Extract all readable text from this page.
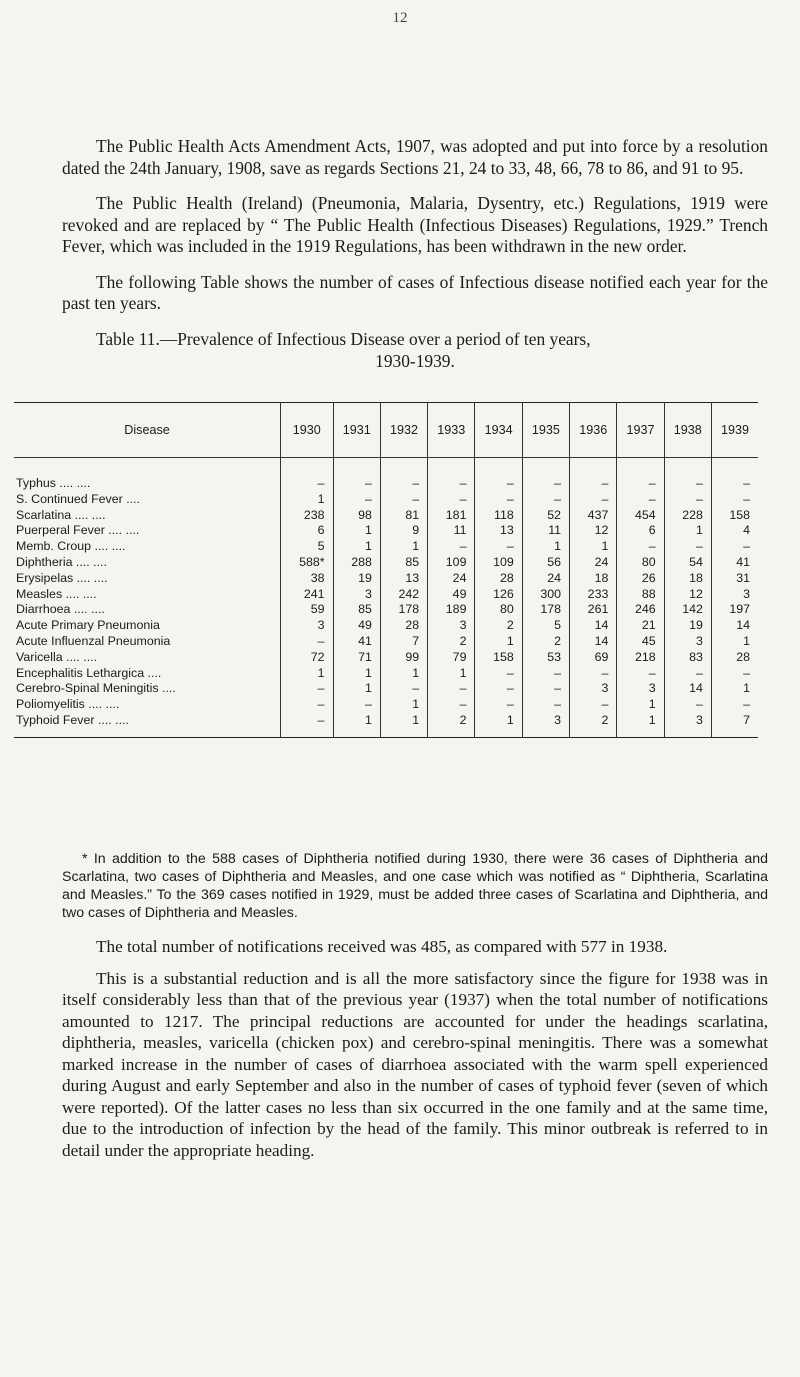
12

The Public Health Acts Amendment Acts, 1907, was adopted and put into force by a resolution dated the 24th January, 1908, save as regards Sections 21, 24 to 33, 48, 66, 78 to 86, and 91 to 95.

The Public Health (Ireland) (Pneumonia, Malaria, Dysentry, etc.) Regulations, 1919 were revoked and are replaced by “ The Public Health (Infectious Diseases) Regulations, 1929.” Trench Fever, which was included in the 1919 Regulations, has been withdrawn in the new order.

The following Table shows the number of cases of Infectious disease notified each year for the past ten years.

Table 11.—Prevalence of Infectious Disease over a period of ten years,
1930-1939.
Disease	1930	1931	1932	1933	1934	1935	1936	1937	1938	1939

Typhus .... ....	–	–	–	–	–	–	–	–	–	–
S. Continued Fever ....	1	–	–	–	–	–	–	–	–	–
Scarlatina .... ....	238	98	81	181	118	52	437	454	228	158
Puerperal Fever .... ....	6	1	9	11	13	11	12	6	1	4
Memb. Croup .... ....	5	1	1	–	–	1	1	–	–	–
Diphtheria .... ....	588*	288	85	109	109	56	24	80	54	41
Erysipelas .... ....	38	19	13	24	28	24	18	26	18	31
Measles .... ....	241	3	242	49	126	300	233	88	12	3
Diarrhoea .... ....	59	85	178	189	80	178	261	246	142	197
Acute Primary Pneumonia	3	49	28	3	2	5	14	21	19	14
Acute Influenzal Pneumonia	–	41	7	2	1	2	14	45	3	1
Varicella .... ....	72	71	99	79	158	53	69	218	83	28
Encephalitis Lethargica ....	1	1	1	1	–	–	–	–	–	–
Cerebro-Spinal Meningitis ....	–	1	–	–	–	–	3	3	14	1
Poliomyelitis .... ....	–	–	1	–	–	–	–	1	–	–
Typhoid Fever .... ....	–	1	1	2	1	3	2	1	3	7

* In addition to the 588 cases of Diphtheria notified during 1930, there were 36 cases of Diphtheria and Scarlatina, two cases of Diphtheria and Measles, and one case which was notified as “ Diphtheria, Scarlatina and Measles.” To the 369 cases notified in 1929, must be added three cases of Scarlatina and Diphtheria, and two cases of Diphtheria and Measles.

The total number of notifications received was 485, as compared with 577 in 1938.

This is a substantial reduction and is all the more satisfactory since the figure for 1938 was in itself considerably less than that of the previous year (1937) when the total number of notifications amounted to 1217. The principal reductions are accounted for under the headings scarlatina, diphtheria, measles, varicella (chicken pox) and cerebro-spinal meningitis. There was a somewhat marked increase in the number of cases of diarrhoea associated with the warm spell experienced during August and early September and also in the number of cases of typhoid fever (seven of which were reported). Of the latter cases no less than six occurred in the one family and at the same time, due to the introduction of infection by the head of the family. This minor outbreak is referred to in detail under the appropriate heading.
